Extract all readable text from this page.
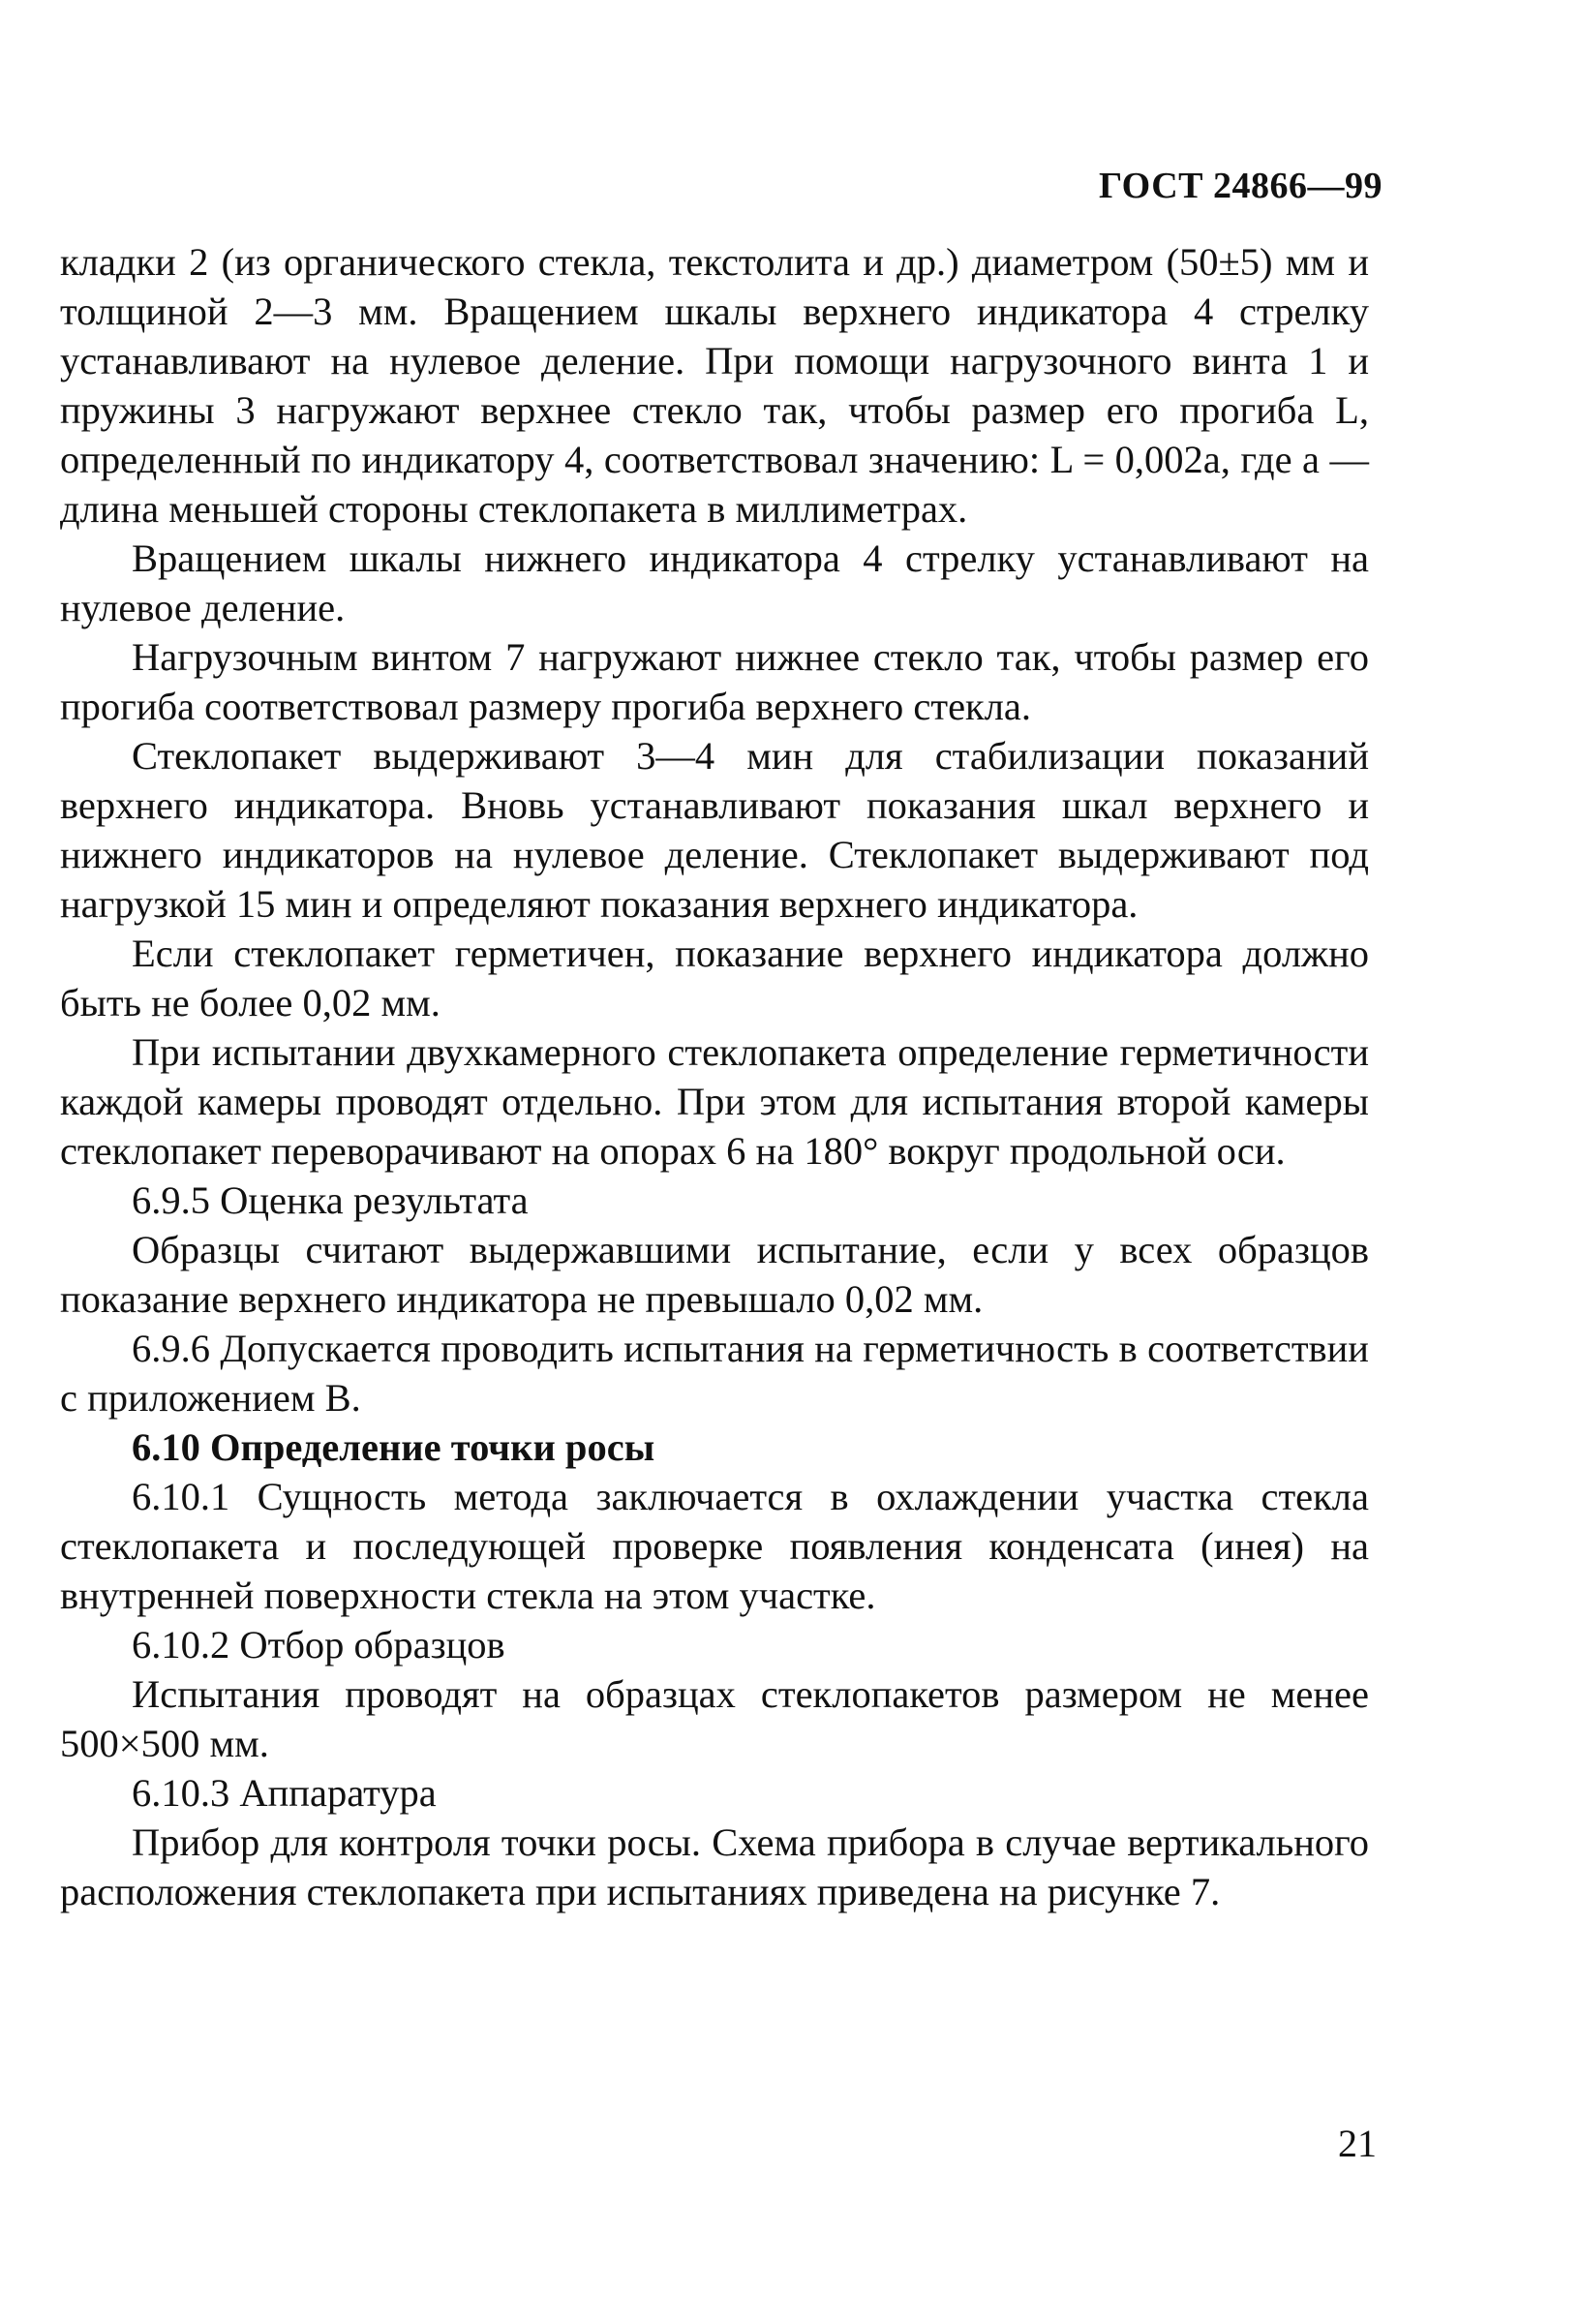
ГОСТ 24866—99

кладки 2 (из органического стекла, текстолита и др.) диаметром (50±5) мм и толщиной 2—3 мм. Вращением шкалы верхнего индикатора 4 стрелку устанавливают на нулевое деление. При помощи нагрузочного винта 1 и пружины 3 нагружают верхнее стекло так, чтобы размер его прогиба L, определенный по индикатору 4, соответствовал значению: L = 0,002a, где a — длина меньшей стороны стеклопакета в миллиметрах.

Вращением шкалы нижнего индикатора 4 стрелку устанавливают на нулевое деление.

Нагрузочным винтом 7 нагружают нижнее стекло так, чтобы размер его прогиба соответствовал размеру прогиба верхнего стекла.

Стеклопакет выдерживают 3—4 мин для стабилизации показаний верхнего индикатора. Вновь устанавливают показания шкал верхнего и нижнего индикаторов на нулевое деление. Стеклопакет выдерживают под нагрузкой 15 мин и определяют показания верхнего индикатора.

Если стеклопакет герметичен, показание верхнего индикатора должно быть не более 0,02 мм.

При испытании двухкамерного стеклопакета определение герметичности каждой камеры проводят отдельно. При этом для испытания второй камеры стеклопакет переворачивают на опорах 6 на 180° вокруг продольной оси.

6.9.5 Оценка результата

Образцы считают выдержавшими испытание, если у всех образцов показание верхнего индикатора не превышало 0,02 мм.

6.9.6 Допускается проводить испытания на герметичность в соответствии с приложением В.

6.10 Определение точки росы

6.10.1 Сущность метода заключается в охлаждении участка стекла стеклопакета и последующей проверке появления конденсата (инея) на внутренней поверхности стекла на этом участке.

6.10.2 Отбор образцов

Испытания проводят на образцах стеклопакетов размером не менее 500×500 мм.

6.10.3 Аппаратура

Прибор для контроля точки росы. Схема прибора в случае вертикального расположения стеклопакета при испытаниях приведена на рисунке 7.

21
